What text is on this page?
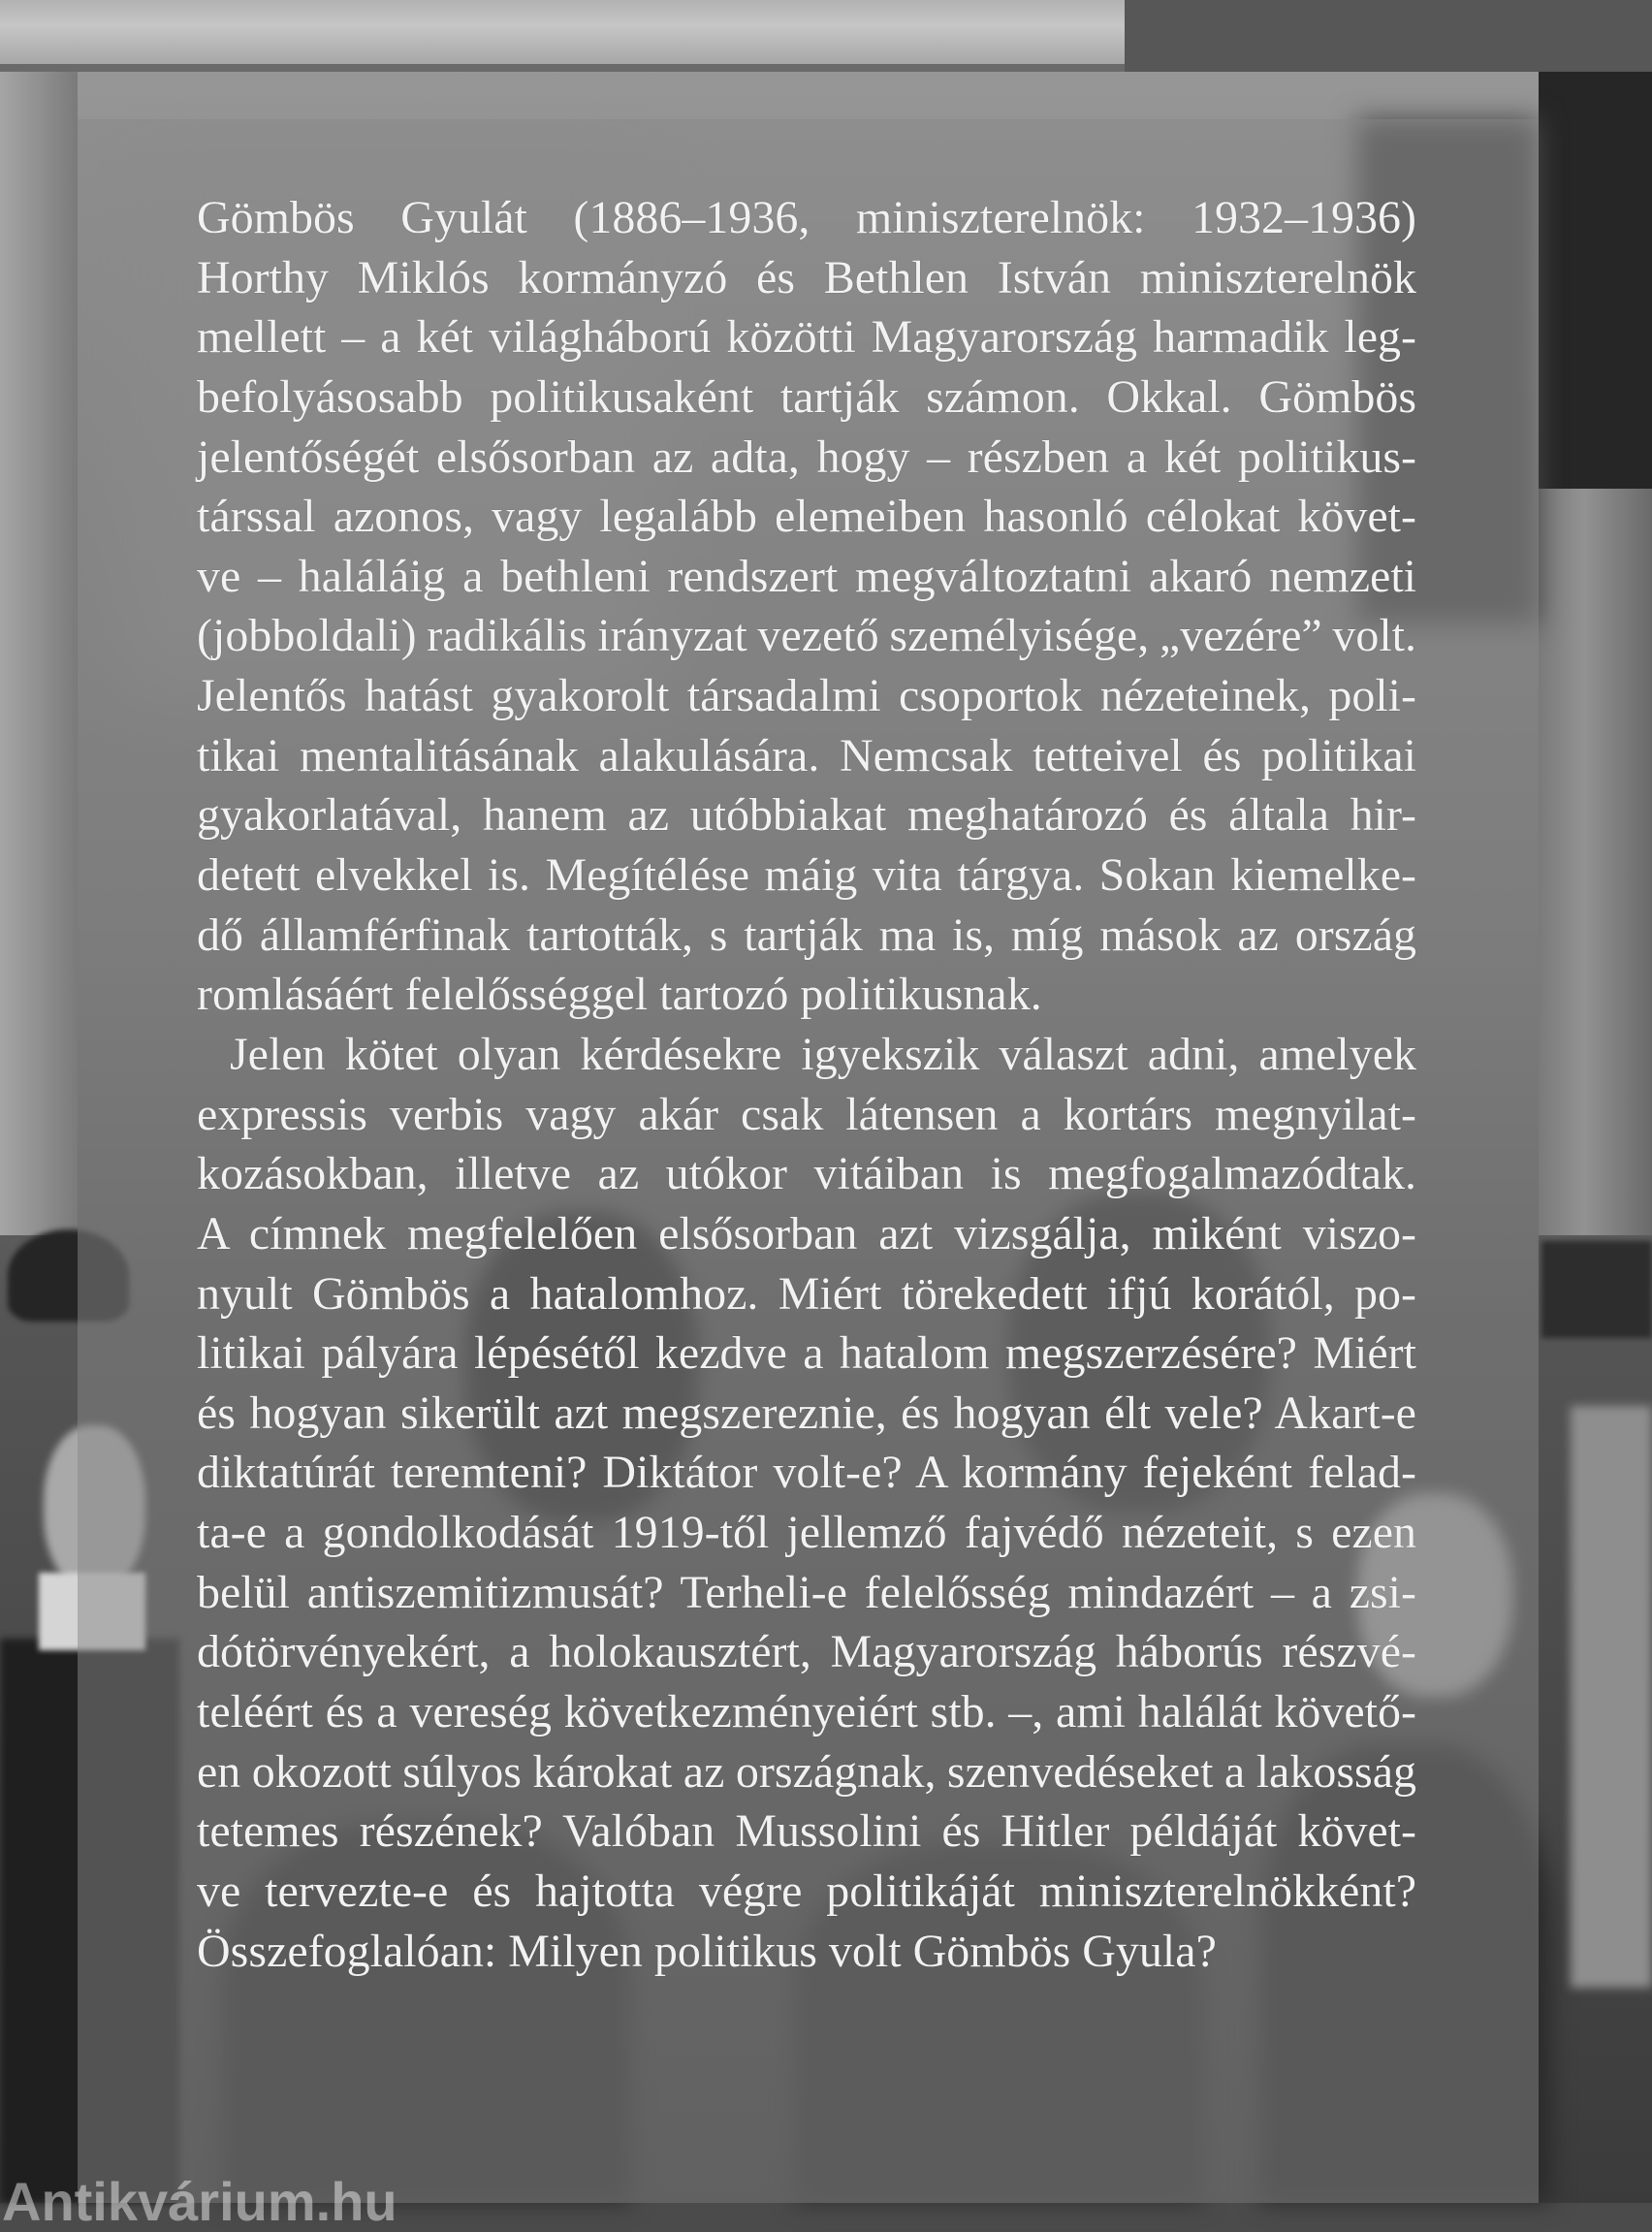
Gömbös Gyulát (1886–1936, miniszterelnök: 1932–1936)
Horthy Miklós kormányzó és Bethlen István miniszterelnök
mellett – a két világháború közötti Magyarország harmadik leg-
befolyásosabb politikusaként tartják számon. Okkal. Gömbös
jelentőségét elsősorban az adta, hogy – részben a két politikus-
társsal azonos, vagy legalább elemeiben hasonló célokat követ-
ve – haláláig a bethleni rendszert megváltoztatni akaró nemzeti
(jobboldali) radikális irányzat vezető személyisége, „vezére” volt.
Jelentős hatást gyakorolt társadalmi csoportok nézeteinek, poli-
tikai mentalitásának alakulására. Nemcsak tetteivel és politikai
gyakorlatával, hanem az utóbbiakat meghatározó és általa hir-
detett elvekkel is. Megítélése máig vita tárgya. Sokan kiemelke-
dő államférfinak tartották, s tartják ma is, míg mások az ország
romlásáért felelősséggel tartozó politikusnak.
Jelen kötet olyan kérdésekre igyekszik választ adni, amelyek
expressis verbis vagy akár csak látensen a kortárs megnyilat-
kozásokban, illetve az utókor vitáiban is megfogalmazódtak.
A címnek megfelelően elsősorban azt vizsgálja, miként viszo-
nyult Gömbös a hatalomhoz. Miért törekedett ifjú korától, po-
litikai pályára lépésétől kezdve a hatalom megszerzésére? Miért
és hogyan sikerült azt megszereznie, és hogyan élt vele? Akart-e
diktatúrát teremteni? Diktátor volt-e? A kormány fejeként felad-
ta-e a gondolkodását 1919-től jellemző fajvédő nézeteit, s ezen
belül antiszemitizmusát? Terheli-e felelősség mindazért – a zsi-
dótörvényekért, a holokausztért, Magyarország háborús részvé-
teléért és a vereség következményeiért stb. –, ami halálát követő-
en okozott súlyos károkat az országnak, szenvedéseket a lakosság
tetemes részének? Valóban Mussolini és Hitler példáját követ-
ve tervezte-e és hajtotta végre politikáját miniszterelnökként?
Összefoglalóan: Milyen politikus volt Gömbös Gyula?
Antikvárium.hu
